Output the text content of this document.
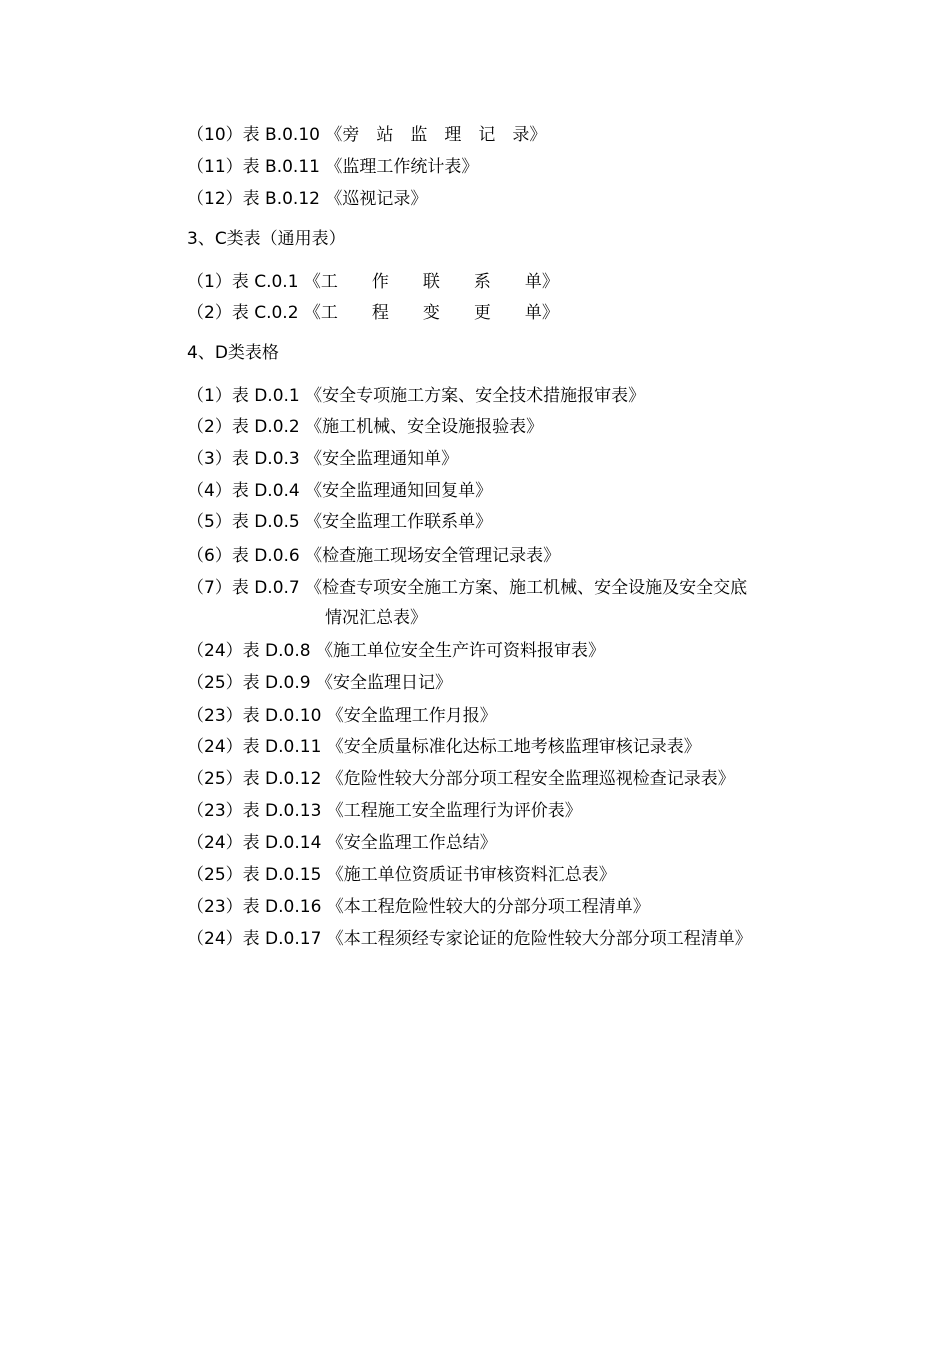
（10）表 B.0.10 《旁　站　监　理　记　录》
（11）表 B.0.11 《监理工作统计表》
（12）表 B.0.12 《巡视记录》
3、C类表（通用表）
（1）表 C.0.1 《工　　作　　联　　系　　单》
（2）表 C.0.2 《工　　程　　变　　更　　单》
4、D类表格
（1）表 D.0.1 《安全专项施工方案、安全技术措施报审表》
（2）表 D.0.2 《施工机械、安全设施报验表》
（3）表 D.0.3 《安全监理通知单》
（4）表 D.0.4 《安全监理通知回复单》
（5）表 D.0.5 《安全监理工作联系单》
（6）表 D.0.6 《检查施工现场安全管理记录表》
（7）表 D.0.7 《检查专项安全施工方案、施工机械、安全设施及安全交底
情况汇总表》
（24）表 D.0.8 《施工单位安全生产许可资料报审表》
（25）表 D.0.9 《安全监理日记》
（23）表 D.0.10 《安全监理工作月报》
（24）表 D.0.11 《安全质量标准化达标工地考核监理审核记录表》
（25）表 D.0.12 《危险性较大分部分项工程安全监理巡视检查记录表》
（23）表 D.0.13 《工程施工安全监理行为评价表》
（24）表 D.0.14 《安全监理工作总结》
（25）表 D.0.15 《施工单位资质证书审核资料汇总表》
（23）表 D.0.16 《本工程危险性较大的分部分项工程清单》
（24）表 D.0.17 《本工程须经专家论证的危险性较大分部分项工程清单》
